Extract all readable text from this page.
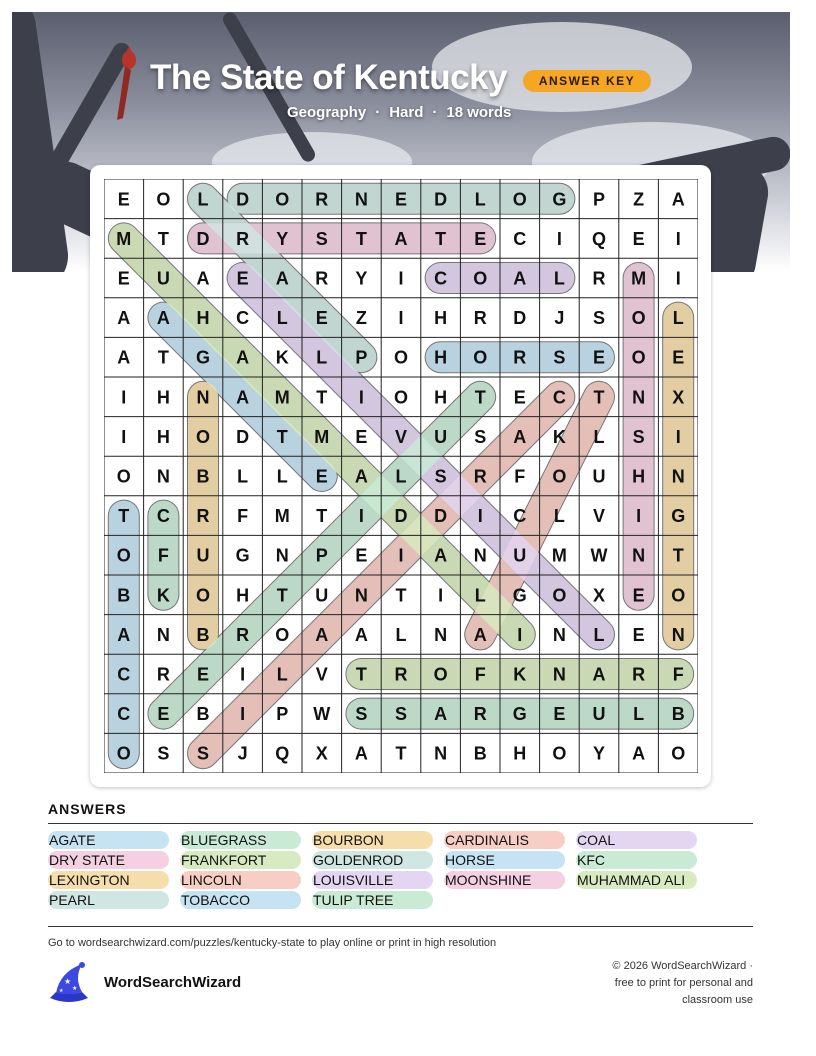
The State of Kentucky	ANSWER KEY
Geography · Hard · 18 words
E O L D O R N E D L O G P Z A
M T D R Y S T A T E C I Q E I
E U A E A R Y I C O A L R M I
A A H C L E Z I H R D J S O L
A T G A K L P O H O R S E O E
I H N A M T I O H T E C T N X
I H O D T M E V U S A K L S I
O N B L L E A L S R F O U H N
T C R F M T I D D I C L V I G
O F U G N P E I A N U M W N T
B K O H T U N T I L G O X E O
A N B R O A A L N A I N L E N
C R E I L V T R O F K N A R F
C E B I P W S S A R G E U L B
O S S J Q X A T N B H O Y A O
ANSWERS
AGATE	BLUEGRASS	BOURBON	CARDINALIS	COAL
DRY STATE	FRANKFORT	GOLDENROD	HORSE	KFC
LEXINGTON	LINCOLN	LOUISVILLE	MOONSHINE	MUHAMMAD ALI
PEARL	TOBACCO	TULIP TREE
Go to wordsearchwizard.com/puzzles/kentucky-state to play online or print in high resolution
★
★
★	WordSearchWizard
© 2026 WordSearchWizard ·
free to print for personal and
classroom use
